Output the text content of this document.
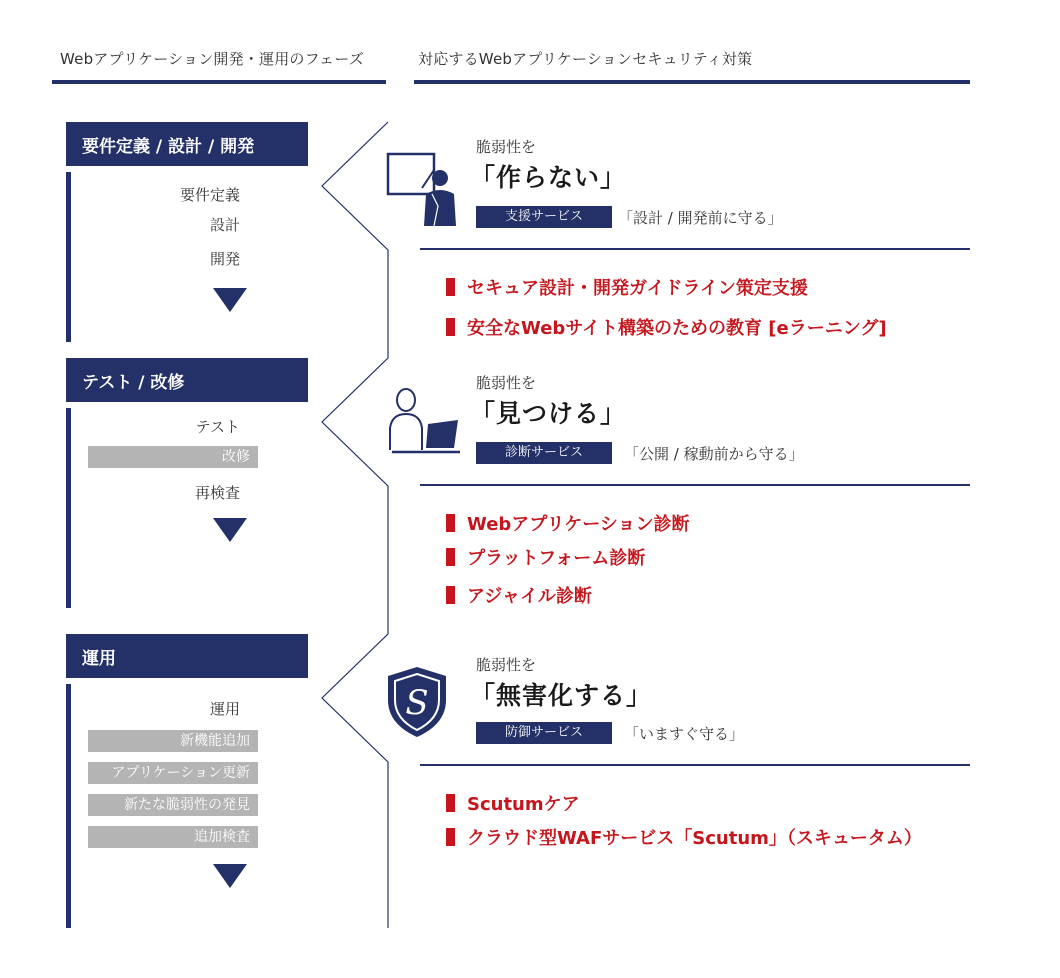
Webアプリケーション開発・運用のフェーズ	対応するWebアプリケーションセキュリティ対策
要件定義 / 設計 / 開発
要件定義
設計
開発
テスト / 改修
テスト
改修
再検査
運用
運用
新機能追加
アプリケーション更新
新たな脆弱性の発見
追加検査
脆弱性を
「作らない」
支援サービス	「設計 / 開発前に守る」
セキュア設計・開発ガイドライン策定支援
安全なWebサイト構築のための教育 [eラーニング]
脆弱性を
「見つける」
診断サービス	「公開 / 稼動前から守る」
Webアプリケーション診断
プラットフォーム診断
アジャイル診断
S
脆弱性を
「無害化する」
防御サービス	「いますぐ守る」
Scutumケア
クラウド型WAFサービス「Scutum」（スキュータム）
